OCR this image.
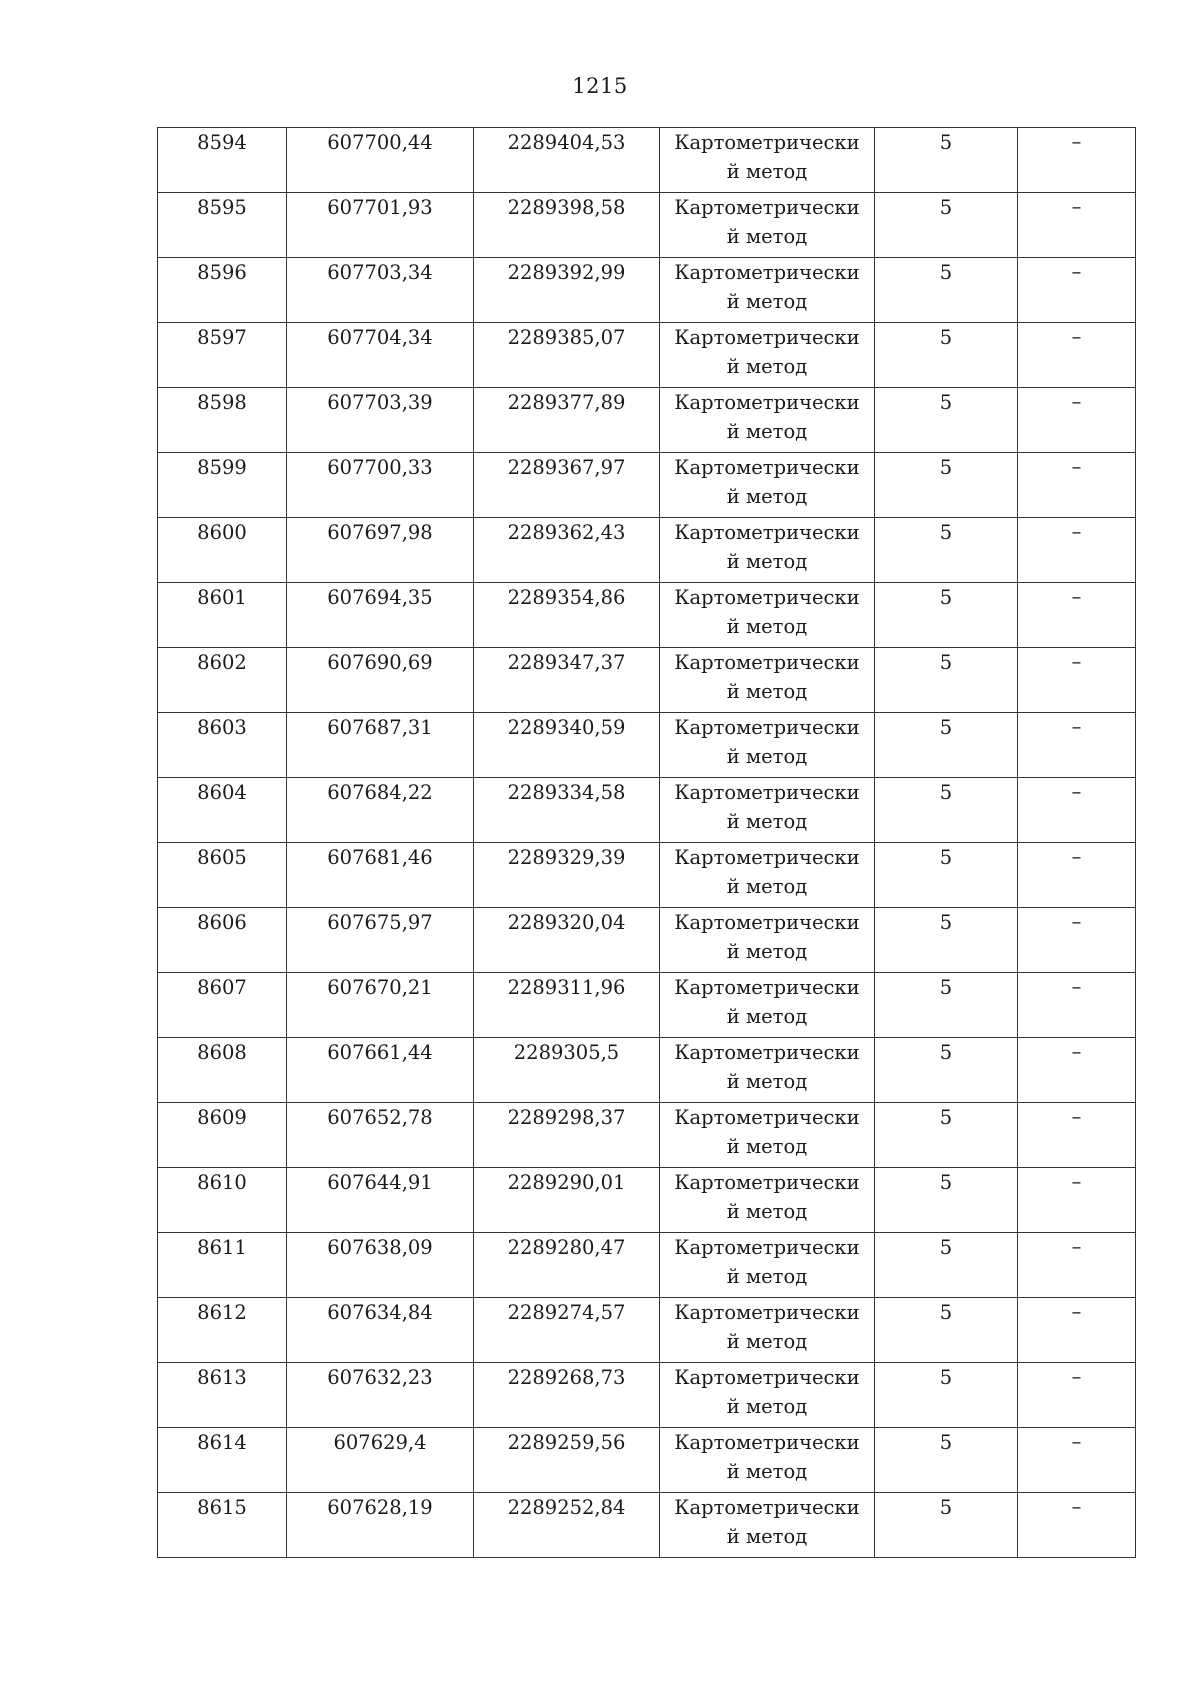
1215
8594	607700,44	2289404,53	Картометрически
й метод	5	–

8595	607701,93	2289398,58	Картометрически
й метод	5	–

8596	607703,34	2289392,99	Картометрически
й метод	5	–

8597	607704,34	2289385,07	Картометрически
й метод	5	–

8598	607703,39	2289377,89	Картометрически
й метод	5	–

8599	607700,33	2289367,97	Картометрически
й метод	5	–

8600	607697,98	2289362,43	Картометрически
й метод	5	–

8601	607694,35	2289354,86	Картометрически
й метод	5	–

8602	607690,69	2289347,37	Картометрически
й метод	5	–

8603	607687,31	2289340,59	Картометрически
й метод	5	–

8604	607684,22	2289334,58	Картометрически
й метод	5	–

8605	607681,46	2289329,39	Картометрически
й метод	5	–

8606	607675,97	2289320,04	Картометрически
й метод	5	–

8607	607670,21	2289311,96	Картометрически
й метод	5	–

8608	607661,44	2289305,5	Картометрически
й метод	5	–

8609	607652,78	2289298,37	Картометрически
й метод	5	–

8610	607644,91	2289290,01	Картометрически
й метод	5	–

8611	607638,09	2289280,47	Картометрически
й метод	5	–

8612	607634,84	2289274,57	Картометрически
й метод	5	–

8613	607632,23	2289268,73	Картометрически
й метод	5	–

8614	607629,4	2289259,56	Картометрически
й метод	5	–

8615	607628,19	2289252,84	Картометрически
й метод	5	–
